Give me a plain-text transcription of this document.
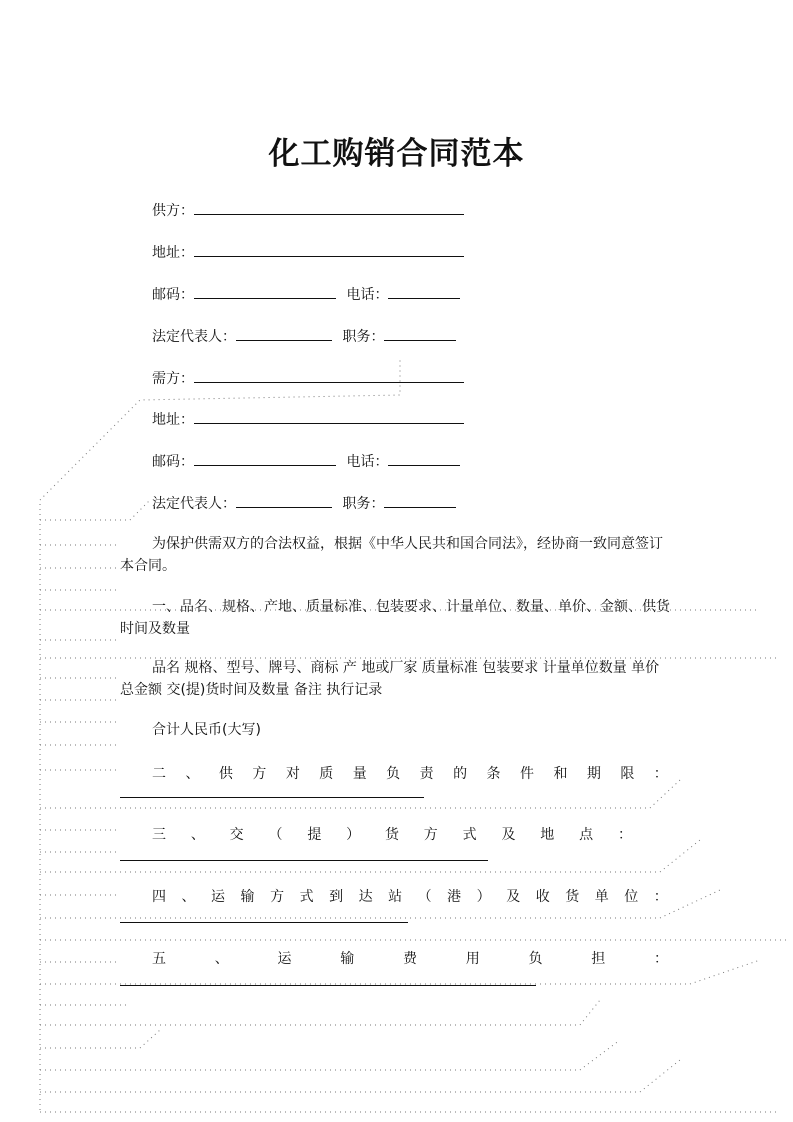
化工购销合同范本
供方：
地址：
邮码：	电话：
法定代表人：	职务：
需方：
地址：
邮码：	电话：
法定代表人：	职务：
为保护供需双方的合法权益，根据《中华人民共和国合同法》，经协商一致同意签订本合同。
一、品名、规格、产地、质量标准、包装要求、计量单位、数量、单价、金额、供货时间及数量
品名 规格、型号、牌号、商标 产 地或厂家 质量标准 包装要求 计量单位数量 单价 总金额 交(提)货时间及数量 备注 执行记录
合计人民币(大写)
二 、 供 方 对 质 量 负 责 的 条 件 和 期 限 ：
三 、 交 （ 提 ） 货 方 式 及 地 点 ：
四 、 运 输 方 式 到 达 站 （ 港 ） 及 收 货 单 位 ：
五	、	运	输	费	用	负	担	：
